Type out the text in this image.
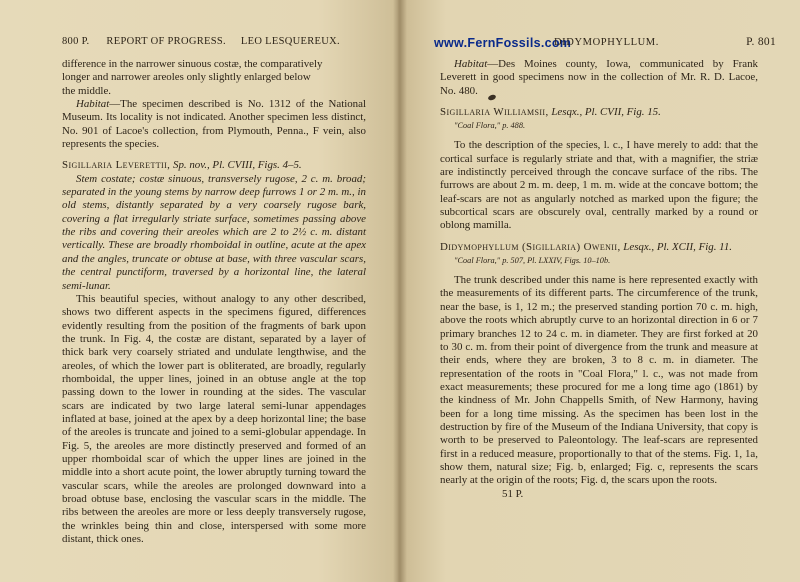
800 P. REPORT OF PROGRESS. LEO LESQUEREUX.

difference in the narrower sinuous costæ, the comparatively

longer and narrower areoles only slightly enlarged below

the middle.

Habitat—The specimen described is No. 1312 of the National Museum. Its locality is not indicated. Another specimen less distinct, No. 901 of Lacoe's collection, from Plymouth, Penna., F vein, also represents the species.

Sigillaria Leverettii, Sp. nov., Pl. CVIII, Figs. 4–5.

Stem costate; costæ sinuous, transversely rugose, 2 c. m. broad; separated in the young stems by narrow deep furrows 1 or 2 m. m., in old stems, distantly separated by a very coarsely rugose bark, covering a flat irregularly striate surface, sometimes passing above the ribs and covering their areoles which are 2 to 2½ c. m. distant vertically. These are broadly rhomboidal in outline, acute at the apex and the angles, truncate or obtuse at base, with three vascular scars, the central punctiform, traversed by a horizontal line, the lateral semi-lunar.

This beautiful species, without analogy to any other described, shows two different aspects in the specimens figured, differences evidently resulting from the position of the fragments of bark upon the trunk. In Fig. 4, the costæ are distant, separated by a layer of thick bark very coarsely striated and undulate lengthwise, and the areoles, of which the lower part is obliterated, are broadly, regularly rhomboidal, the upper lines, joined in an obtuse angle at the top passing down to the lower in rounding at the sides. The vascular scars are indicated by two large lateral semi-lunar appendages inflated at base, joined at the apex by a deep horizontal line; the base of the areoles is truncate and joined to a semi-globular appendage. In Fig. 5, the areoles are more distinctly preserved and formed of an upper rhomboidal scar of which the upper lines are joined in the middle into a short acute point, the lower abruptly turning toward the vascular scars, while the areoles are prolonged downward into a broad obtuse base, enclosing the vascular scars in the middle. The ribs between the areoles are more or less deeply transversely rugose, the wrinkles being thin and close, interspersed with some more distant, thick ones.

www.FernFossils.com
DIDYMOPHYLLUM.	P. 801

Habitat—Des Moines county, Iowa, communicated by Frank Leverett in good specimens now in the collection of Mr. R. D. Lacoe, No. 480.

Sigillaria Williamsii, Lesqx., Pl. CVII, Fig. 15.

"Coal Flora," p. 488.

To the description of the species, l. c., I have merely to add: that the cortical surface is regularly striate and that, with a magnifier, the striæ are indistinctly perceived through the concave surface of the ribs. The furrows are about 2 m. m. deep, 1 m. m. wide at the concave bottom; the leaf-scars are not as angularly notched as marked upon the figure; the subcortical scars are obscurely oval, centrally marked by a round or oblong mamilla.

Didymophyllum (Sigillaria) Owenii, Lesqx., Pl. XCII, Fig. 11.

"Coal Flora," p. 507, Pl. LXXIV, Figs. 10–10b.

The trunk described under this name is here represented exactly with the measurements of its different parts. The circumference of the trunk, near the base, is 1, 12 m.; the preserved standing portion 70 c. m. high, above the roots which abruptly curve to an horizontal direction in 6 or 7 primary branches 12 to 24 c. m. in diameter. They are first forked at 20 to 30 c. m. from their point of divergence from the trunk and measure at their ends, where they are broken, 3 to 8 c. m. in diameter. The representation of the roots in "Coal Flora," l. c., was not made from exact measurements; these procured for me a long time ago (1861) by the kindness of Mr. John Chappells Smith, of New Harmony, having been for a long time missing. As the specimen has been lost in the destruction by fire of the Museum of the Indiana University, that copy is worth to be preserved to Paleontology. The leaf-scars are represented first in a reduced measure, proportionally to that of the stems. Fig. 1, 1a, show them, natural size; Fig. b, enlarged; Fig. c, represents the scars nearly at the origin of the roots; Fig. d, the scars upon the roots.

51 P.
